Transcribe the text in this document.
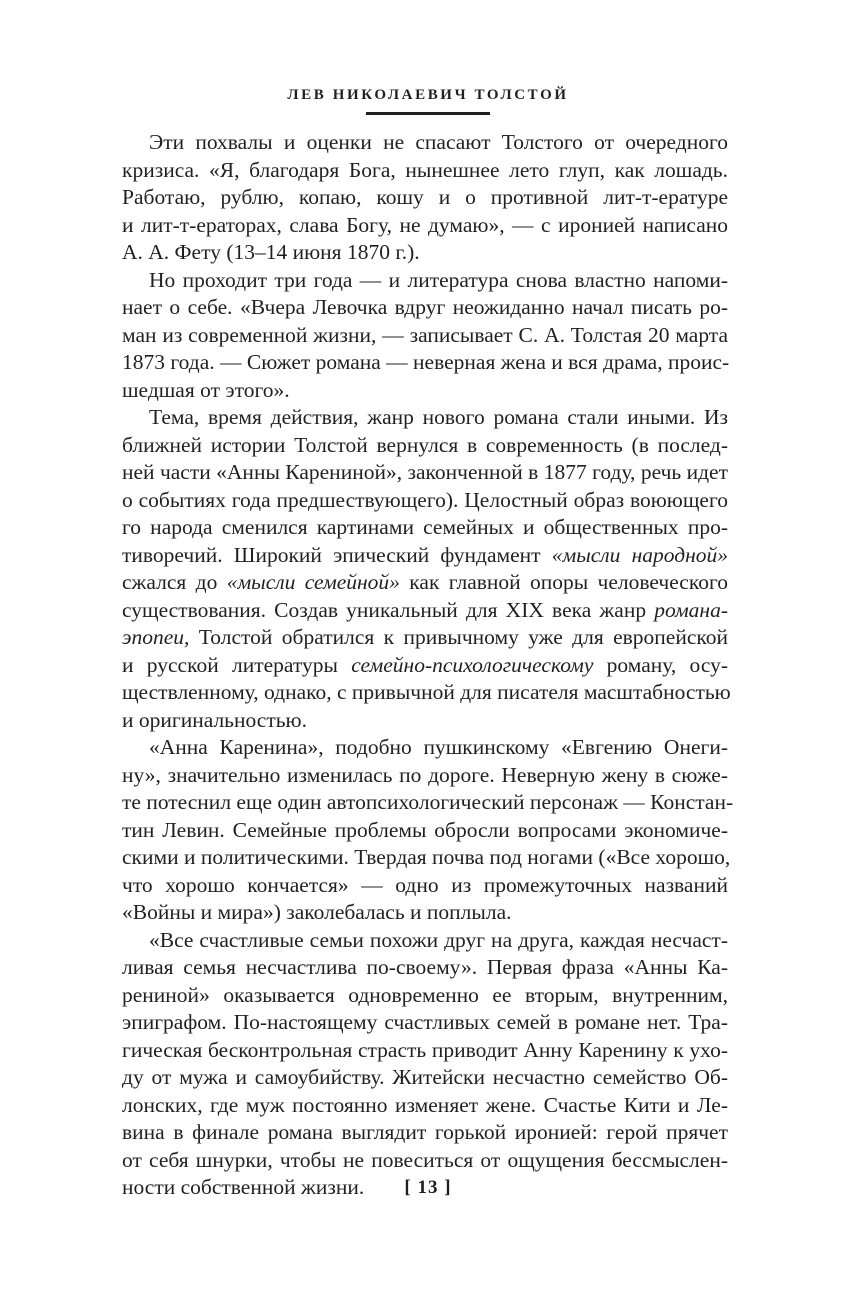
ЛЕВ НИКОЛАЕВИЧ ТОЛСТОЙ
Эти похвалы и оценки не спасают Толстого от очередного
кризиса. «Я, благодаря Бога, нынешнее лето глуп, как лошадь.
Работаю, рублю, копаю, кошу и о противной лит-т-ературе
и лит-т-ераторах, слава Богу, не думаю», — с иронией написано
А. А. Фету (13–14 июня 1870 г.).
Но проходит три года — и литература снова властно напоми-
нает о себе. «Вчера Левочка вдруг неожиданно начал писать ро-
ман из современной жизни, — записывает С. А. Толстая 20 марта
1873 года. — Сюжет романа — неверная жена и вся драма, проис-
шедшая от этого».
Тема, время действия, жанр нового романа стали иными. Из
ближней истории Толстой вернулся в современность (в послед-
ней части «Анны Карениной», законченной в 1877 году, речь идет
о событиях года предшествующего). Целостный образ воюющего
го народа сменился картинами семейных и общественных про-
тиворечий. Широкий эпический фундамент «мысли народной»
сжался до «мысли семейной» как главной опоры человеческого
существования. Создав уникальный для XIX века жанр романа-
эпопеи, Толстой обратился к привычному уже для европейской
и русской литературы семейно-психологическому роману, осу-
ществленному, однако, с привычной для писателя масштабностью
и оригинальностью.
«Анна Каренина», подобно пушкинскому «Евгению Онеги-
ну», значительно изменилась по дороге. Неверную жену в сюже-
те потеснил еще один автопсихологический персонаж — Констан-
тин Левин. Семейные проблемы обросли вопросами экономиче-
скими и политическими. Твердая почва под ногами («Все хорошо,
что хорошо кончается» — одно из промежуточных названий
«Войны и мира») заколебалась и поплыла.
«Все счастливые семьи похожи друг на друга, каждая несчаст-
ливая семья несчастлива по-своему». Первая фраза «Анны Ка-
рениной» оказывается одновременно ее вторым, внутренним,
эпиграфом. По-настоящему счастливых семей в романе нет. Тра-
гическая бесконтрольная страсть приводит Анну Каренину к ухо-
ду от мужа и самоубийству. Житейски несчастно семейство Об-
лонских, где муж постоянно изменяет жене. Счастье Кити и Ле-
вина в финале романа выглядит горькой иронией: герой прячет
от себя шнурки, чтобы не повеситься от ощущения бессмыслен-
ности собственной жизни.	[ 13 ]
